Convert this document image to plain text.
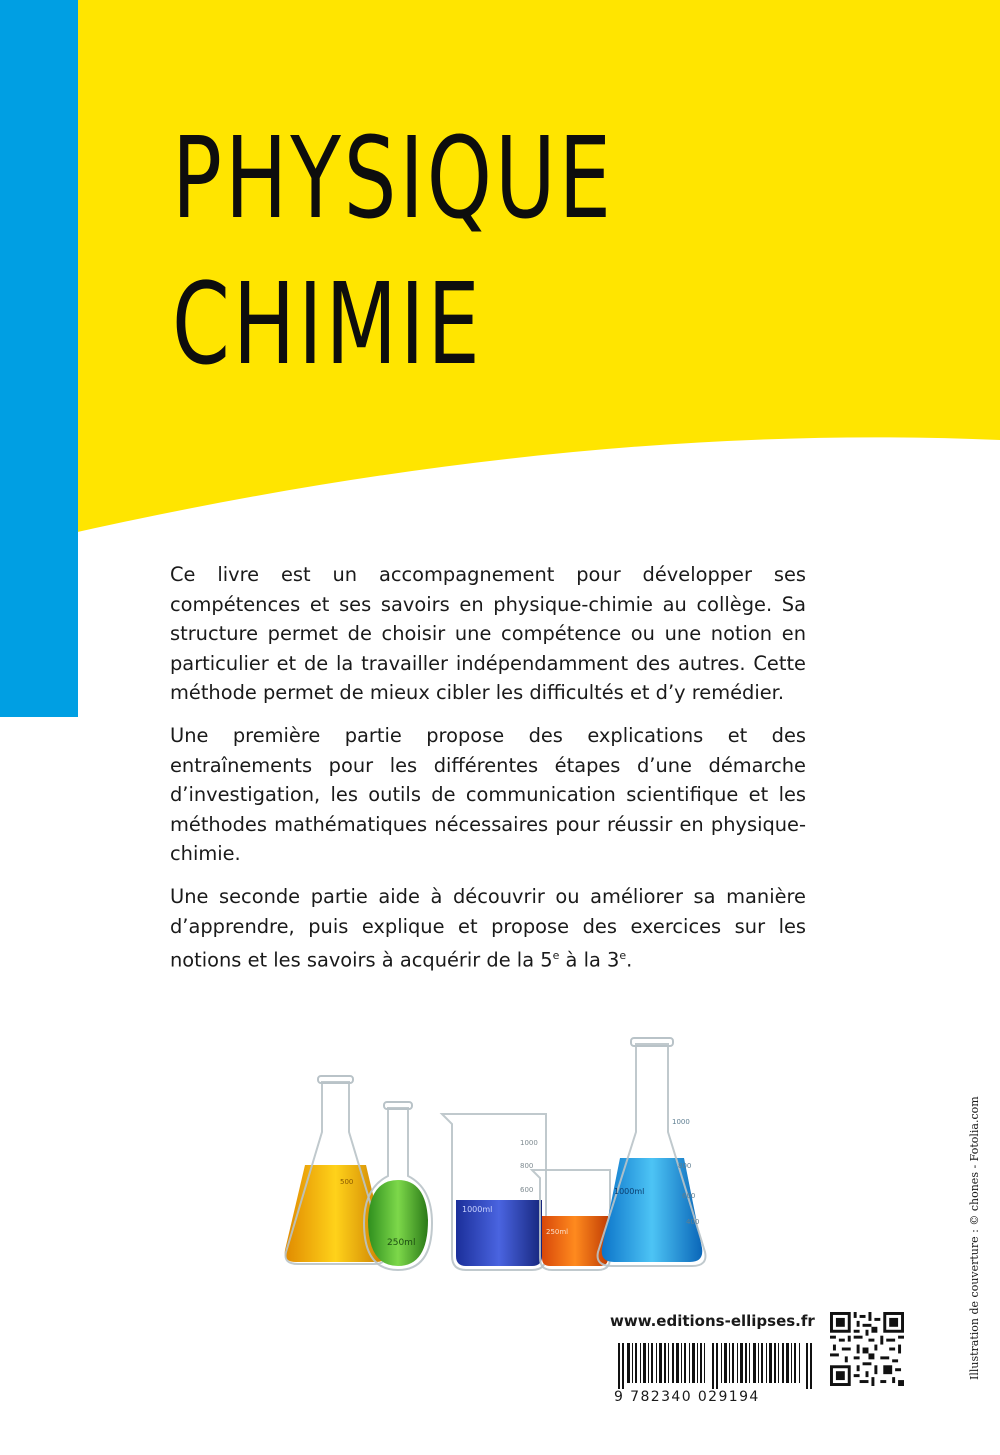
PHYSIQUE
CHIMIE

Ce livre est un accompagnement pour développer ses compétences et ses savoirs en physique-chimie au collège. Sa structure permet de choisir une compétence ou une notion en particulier et de la travailler indépendamment des autres. Cette méthode permet de mieux cibler les difficultés et d’y remédier.

Une première partie propose des explications et des entraînements pour les différentes étapes d’une démarche d’investigation, les outils de communication scientifique et les méthodes mathématiques nécessaires pour réussir en physique-chimie.

Une seconde partie aide à découvrir ou améliorer sa manière d’apprendre, puis explique et propose des exercices sur les notions et les savoirs à acquérir de la 5e à la 3e.

500
250ml
1000
800
600
1000ml
250ml
1000
800
600
400
1000ml
www.editions-ellipses.fr
9 782340 029194
Illustration de couverture : © chones - Fotolia.com
